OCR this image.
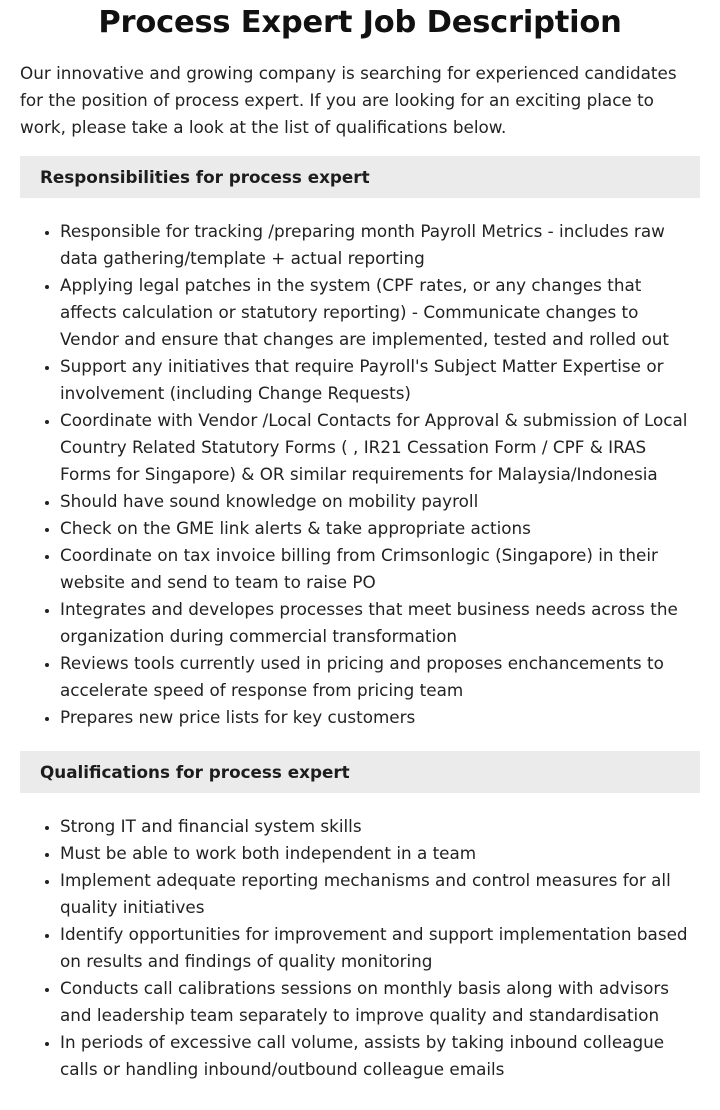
Process Expert Job Description

Our innovative and growing company is searching for experienced candidates for the position of process expert. If you are looking for an exciting place to work, please take a look at the list of qualifications below.

Responsibilities for process expert
• Responsible for tracking /preparing month Payroll Metrics - includes raw data gathering/template + actual reporting
• Applying legal patches in the system (CPF rates, or any changes that affects calculation or statutory reporting) - Communicate changes to Vendor and ensure that changes are implemented, tested and rolled out
• Support any initiatives that require Payroll's Subject Matter Expertise or involvement (including Change Requests)
• Coordinate with Vendor /Local Contacts for Approval & submission of Local Country Related Statutory Forms ( , IR21 Cessation Form / CPF & IRAS Forms for Singapore) & OR similar requirements for Malaysia/Indonesia
• Should have sound knowledge on mobility payroll
• Check on the GME link alerts & take appropriate actions
• Coordinate on tax invoice billing from Crimsonlogic (Singapore) in their website and send to team to raise PO
• Integrates and developes processes that meet business needs across the organization during commercial transformation
• Reviews tools currently used in pricing and proposes enchancements to accelerate speed of response from pricing team
• Prepares new price lists for key customers
Qualifications for process expert
• Strong IT and financial system skills
• Must be able to work both independent in a team
• Implement adequate reporting mechanisms and control measures for all quality initiatives
• Identify opportunities for improvement and support implementation based on results and findings of quality monitoring
• Conducts call calibrations sessions on monthly basis along with advisors and leadership team separately to improve quality and standardisation
• In periods of excessive call volume, assists by taking inbound colleague calls or handling inbound/outbound colleague emails
